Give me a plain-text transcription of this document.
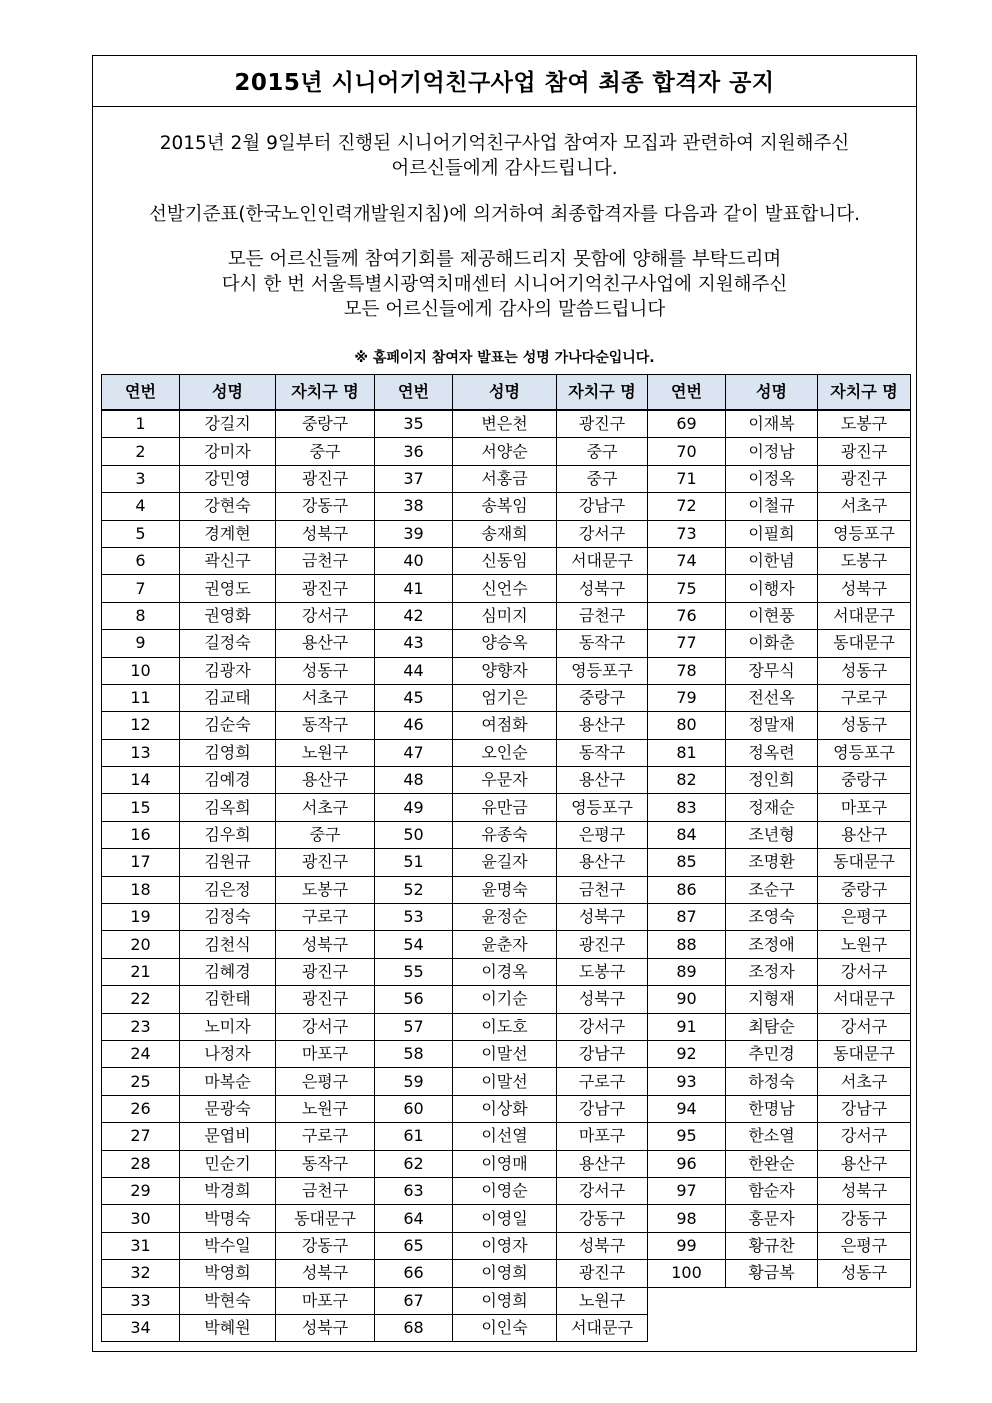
2015년 시니어기억친구사업 참여 최종 합격자 공지
2015년 2월 9일부터 진행된 시니어기억친구사업 참여자 모집과 관련하여 지원해주신
어르신들에게 감사드립니다.
선발기준표(한국노인인력개발원지침)에 의거하여 최종합격자를 다음과 같이 발표합니다.
모든 어르신들께 참여기회를 제공해드리지 못함에 양해를 부탁드리며
다시 한 번 서울특별시광역치매센터 시니어기억친구사업에 지원해주신
모든 어르신들에게 감사의 말씀드립니다
※ 홈페이지 참여자 발표는 성명 가나다순입니다.
연번	성명	자치구 명	연번	성명	자치구 명	연번	성명	자치구 명
1	강길지	중랑구	35	변은천	광진구	69	이재복	도봉구
2	강미자	중구	36	서양순	중구	70	이정남	광진구
3	강민영	광진구	37	서홍금	중구	71	이정옥	광진구
4	강현숙	강동구	38	송복임	강남구	72	이철규	서초구
5	경계현	성북구	39	송재희	강서구	73	이필희	영등포구
6	곽신구	금천구	40	신동임	서대문구	74	이한념	도봉구
7	권영도	광진구	41	신언수	성북구	75	이행자	성북구
8	권영화	강서구	42	심미지	금천구	76	이현풍	서대문구
9	길정숙	용산구	43	양승옥	동작구	77	이화춘	동대문구
10	김광자	성동구	44	양향자	영등포구	78	장무식	성동구
11	김교태	서초구	45	엄기은	중랑구	79	전선옥	구로구
12	김순숙	동작구	46	여점화	용산구	80	정말재	성동구
13	김영희	노원구	47	오인순	동작구	81	정옥련	영등포구
14	김예경	용산구	48	우문자	용산구	82	정인희	중랑구
15	김옥희	서초구	49	유만금	영등포구	83	정재순	마포구
16	김우희	중구	50	유종숙	은평구	84	조년형	용산구
17	김원규	광진구	51	윤길자	용산구	85	조명환	동대문구
18	김은정	도봉구	52	윤명숙	금천구	86	조순구	중랑구
19	김정숙	구로구	53	윤정순	성북구	87	조영숙	은평구
20	김천식	성북구	54	윤춘자	광진구	88	조정애	노원구
21	김혜경	광진구	55	이경옥	도봉구	89	조정자	강서구
22	김한태	광진구	56	이기순	성북구	90	지형재	서대문구
23	노미자	강서구	57	이도호	강서구	91	최탐순	강서구
24	나정자	마포구	58	이말선	강남구	92	추민경	동대문구
25	마복순	은평구	59	이말선	구로구	93	하정숙	서초구
26	문광숙	노원구	60	이상화	강남구	94	한명남	강남구
27	문엽비	구로구	61	이선열	마포구	95	한소열	강서구
28	민순기	동작구	62	이영매	용산구	96	한완순	용산구
29	박경희	금천구	63	이영순	강서구	97	함순자	성북구
30	박명숙	동대문구	64	이영일	강동구	98	홍문자	강동구
31	박수일	강동구	65	이영자	성북구	99	황규찬	은평구
32	박영희	성북구	66	이영희	광진구	100	황금복	성동구
33	박현숙	마포구	67	이영희	노원구			
34	박혜원	성북구	68	이인숙	서대문구			
